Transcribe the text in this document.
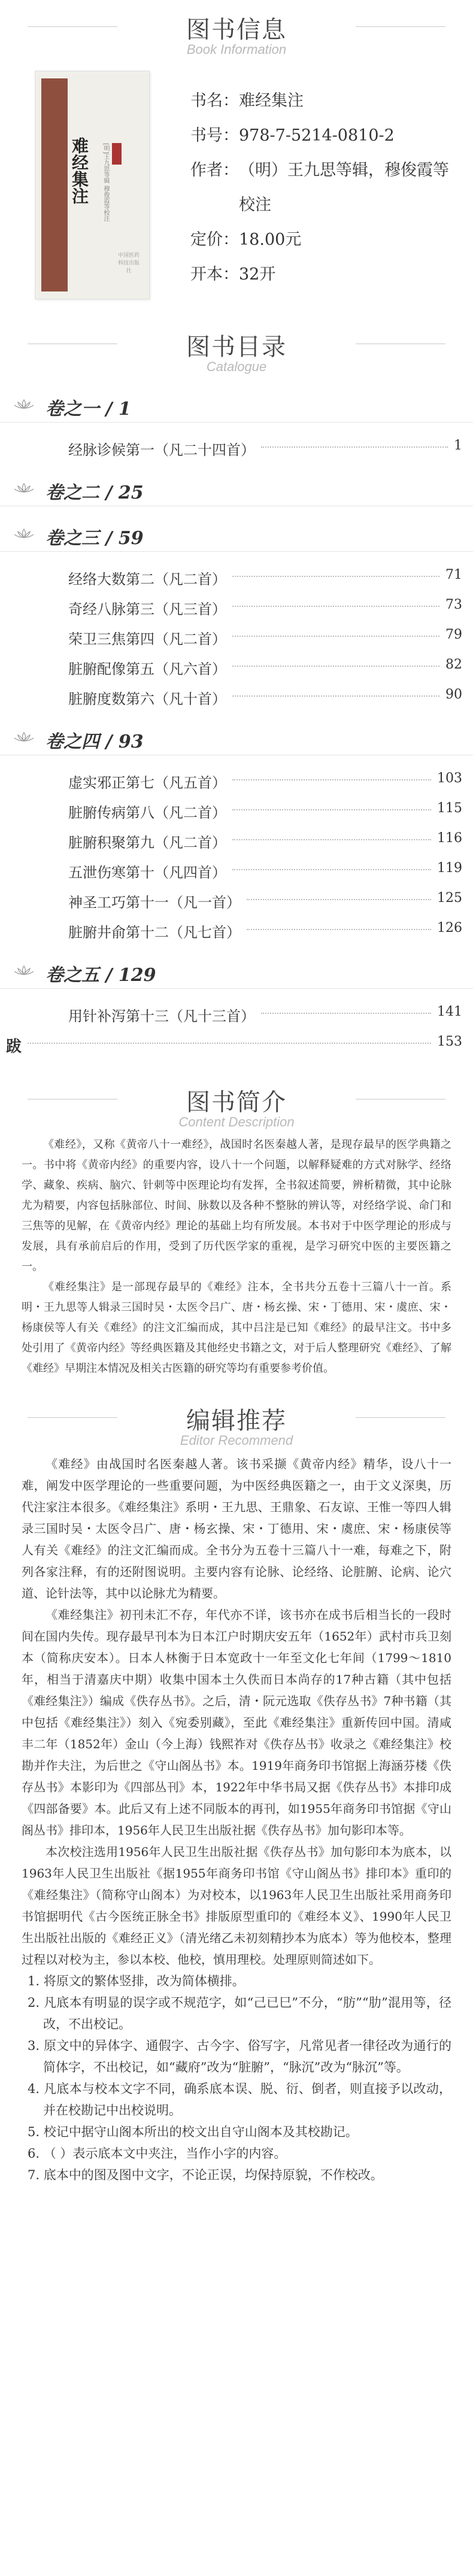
图书信息
Book Information
难经集注	[明]王九思等辑 穆俊霞等校注
中国医药科技出版社
书名： 难经集注
书号： 978-7-5214-0810-2
作者： （明）王九思等辑，穆俊霞等校注
定价： 18.00元
开本： 32开
图书目录
Catalogue
卷之一 / 1
经脉诊候第一（凡二十四首）	1
卷之二 / 25
卷之三 / 59
经络大数第二（凡二首）	71
奇经八脉第三（凡三首）	73
荣卫三焦第四（凡二首）	79
脏腑配像第五（凡六首）	82
脏腑度数第六（凡十首）	90
卷之四 / 93
虚实邪正第七（凡五首）	103
脏腑传病第八（凡二首）	115
脏腑积聚第九（凡二首）	116
五泄伤寒第十（凡四首）	119
神圣工巧第十一（凡一首）	125
脏腑井俞第十二（凡七首）	126
卷之五 / 129
用针补泻第十三（凡十三首）	141
跋	153
图书简介
Content Description

《难经》，又称《黄帝八十一难经》，战国时名医秦越人著，是现存最早的医学典籍之一。书中将《黄帝内经》的重要内容，设八十一个问题，以解释疑难的方式对脉学、经络学、藏象、疾病、脑穴、针刺等中医理论均有发挥，全书叙述简要，辨析精微，其中论脉尤为精要，内容包括脉部位、时间、脉数以及各种不整脉的辨认等，对经络学说、命门和三焦等的见解，在《黄帝内经》理论的基础上均有所发展。本书对于中医学理论的形成与发展，具有承前启后的作用，受到了历代医学家的重视，是学习研究中医的主要医籍之一。

《难经集注》是一部现存最早的《难经》注本，全书共分五卷十三篇八十一首。系明・王九思等人辑录三国时吴・太医令吕广、唐・杨玄操、宋・丁德用、宋・虞庶、宋・杨康侯等人有关《难经》的注文汇编而成，其中吕注是已知《难经》的最早注文。书中多处引用了《黄帝内经》等经典医籍及其他经史书籍之文，对于后人整理研究《难经》、了解《难经》早期注本情况及相关古医籍的研究等均有重要参考价值。

编辑推荐
Editor Recommend

《难经》由战国时名医秦越人著。该书采撷《黄帝内经》精华，设八十一难，阐发中医学理论的一些重要问题，为中医经典医籍之一，由于文义深奥，历代注家注本很多。《难经集注》系明・王九思、王鼎象、石友谅、王惟一等四人辑录三国时吴・太医令吕广、唐・杨玄操、宋・丁德用、宋・虞庶、宋・杨康侯等人有关《难经》的注文汇编而成。全书分为五卷十三篇八十一难，每难之下，附列各家注释，有的还附图说明。主要内容有论脉、论经络、论脏腑、论病、论穴道、论针法等，其中以论脉尤为精要。

《难经集注》初刊未汇不存，年代亦不详，该书亦在成书后相当长的一段时间在国内失传。现存最早刊本为日本江户时期庆安五年（1652年）武村市兵卫刻本（简称庆安本）。日本人林衡于日本宽政十一年至文化七年间（1799～1810年，相当于清嘉庆中期）收集中国本土久佚而日本尚存的17种古籍（其中包括《难经集注》）编成《佚存丛书》。之后，清・阮元选取《佚存丛书》7种书籍（其中包括《难经集注》）刻入《宛委别藏》，至此《难经集注》重新传回中国。清咸丰二年（1852年）金山（今上海）钱熙祚对《佚存丛书》收录之《难经集注》校勘并作夫注，为后世之《守山阁丛书》本。1919年商务印书馆据上海涵芬楼《佚存丛书》本影印为《四部丛刊》本，1922年中华书局又据《佚存丛书》本排印成《四部备要》本。此后又有上述不同版本的再刊，如1955年商务印书馆据《守山阁丛书》排印本，1956年人民卫生出版社据《佚存丛书》加句影印本等。

本次校注选用1956年人民卫生出版社据《佚存丛书》加句影印本为底本，以1963年人民卫生出版社《据1955年商务印书馆《守山阁丛书》排印本》重印的《难经集注》（简称守山阁本）为对校本，以1963年人民卫生出版社采用商务印书馆据明代《古今医统正脉全书》排版原型重印的《难经本义》、1990年人民卫生出版社出版的《难经正义》（清光绪乙未初刻精抄本为底本）等为他校本，整理过程以对校为主，参以本校、他校，慎用理校。处理原则简述如下。

1. 将原文的繁体竖排，改为简体横排。

2. 凡底本有明显的误字或不规范字，如“己已巳”不分，“肪”“肋”混用等，径改，不出校记。

3. 原文中的异体字、通假字、古今字、俗写字，凡常见者一律径改为通行的简体字，不出校记，如“藏府”改为“脏腑”，“脉沉”改为“脉沉”等。

4. 凡底本与校本文字不同，确系底本误、脱、衍、倒者，则直接予以改动，并在校勘记中出校说明。

5. 校记中据守山阁本所出的校文出自守山阁本及其校勘记。

6. （ ）表示底本文中夹注，当作小字的内容。

7. 底本中的图及图中文字，不论正误，均保持原貌，不作校改。
